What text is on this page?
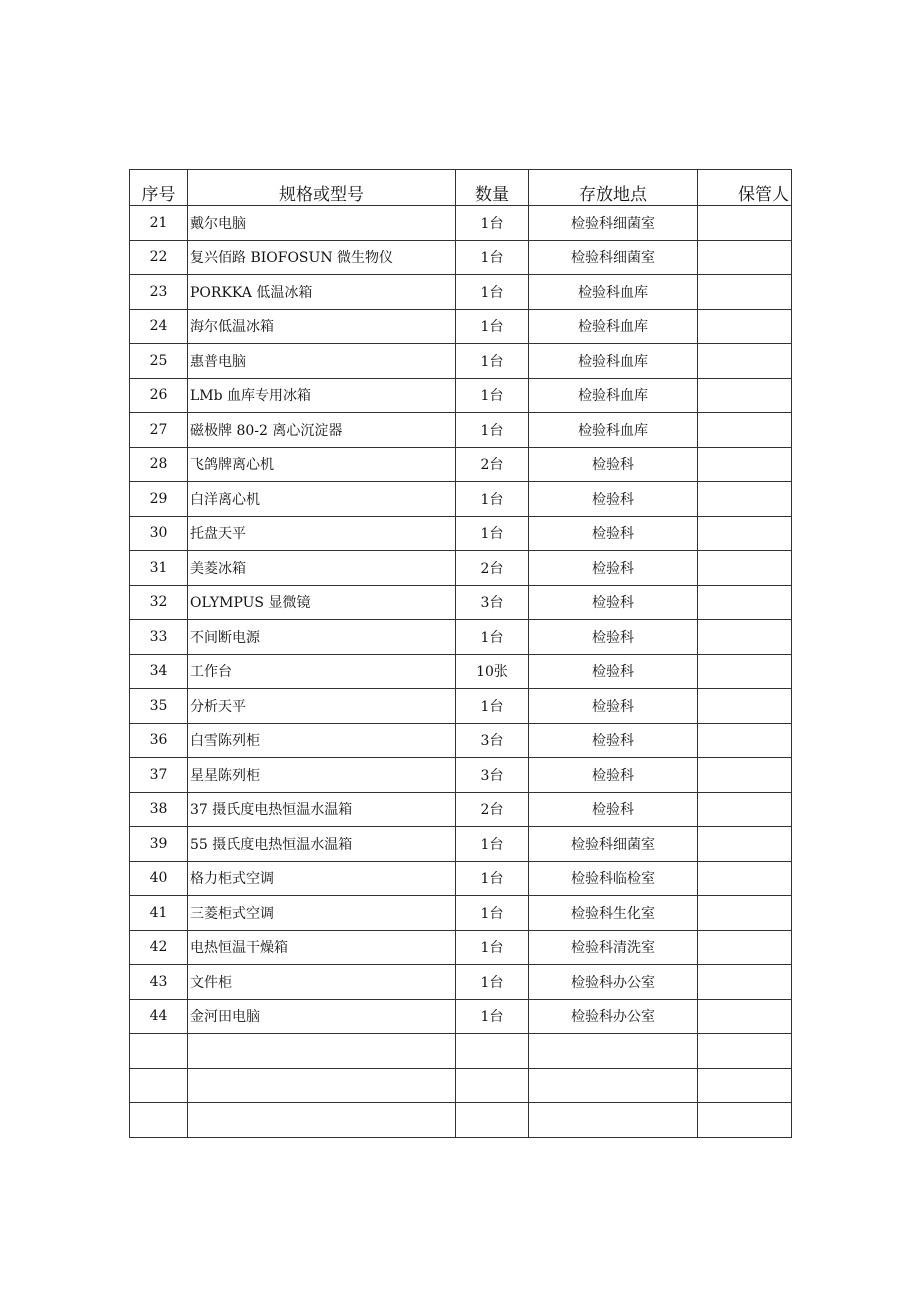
序号	规格或型号	数量	存放地点	保管人
21	戴尔电脑	1台	检验科细菌室	
22	复兴佰路 BIOFOSUN 微生物仪	1台	检验科细菌室	
23	PORKKA 低温冰箱	1台	检验科血库	
24	海尔低温冰箱	1台	检验科血库	
25	惠普电脑	1台	检验科血库	
26	LMb 血库专用冰箱	1台	检验科血库	
27	磁极牌 80-2 离心沉淀器	1台	检验科血库	
28	飞鸽牌离心机	2台	检验科	
29	白洋离心机	1台	检验科	
30	托盘天平	1台	检验科	
31	美菱冰箱	2台	检验科	
32	OLYMPUS 显微镜	3台	检验科	
33	不间断电源	1台	检验科	
34	工作台	10张	检验科	
35	分析天平	1台	检验科	
36	白雪陈列柜	3台	检验科	
37	星星陈列柜	3台	检验科	
38	37 摄氏度电热恒温水温箱	2台	检验科	
39	55 摄氏度电热恒温水温箱	1台	检验科细菌室	
40	格力柜式空调	1台	检验科临检室	
41	三菱柜式空调	1台	检验科生化室	
42	电热恒温干燥箱	1台	检验科清洗室	
43	文件柜	1台	检验科办公室	
44	金河田电脑	1台	检验科办公室	
